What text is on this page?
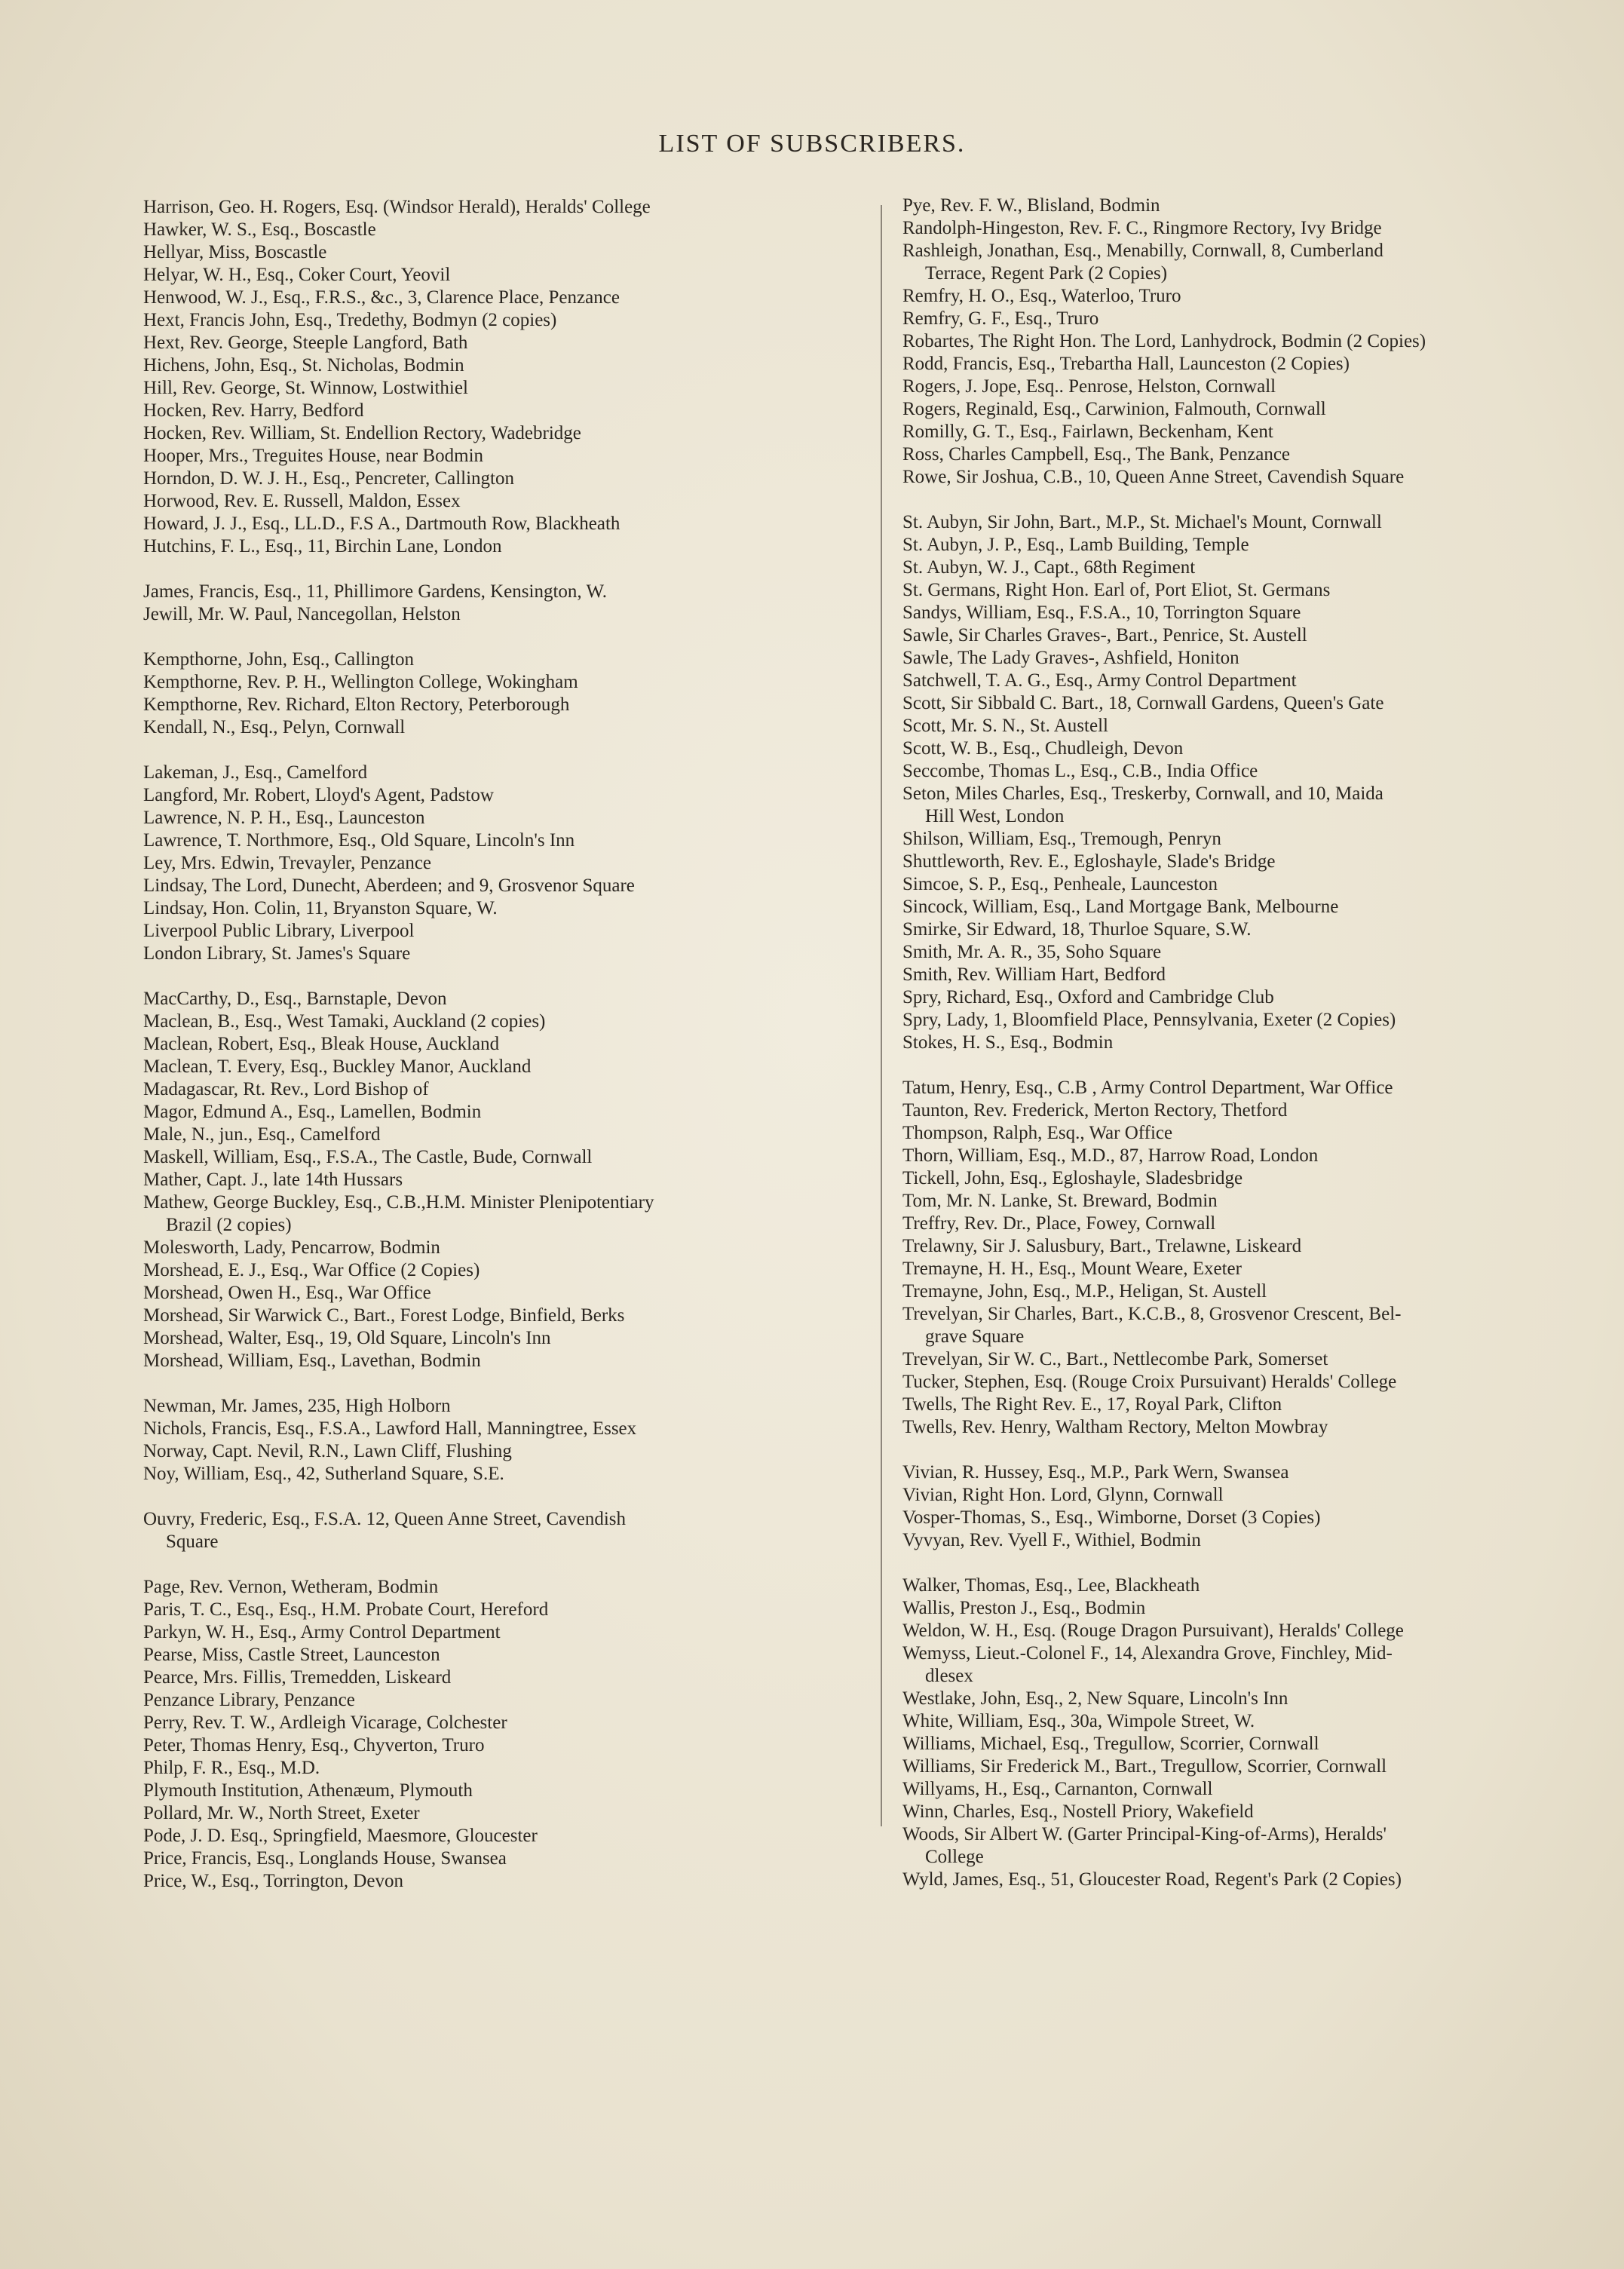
LIST OF SUBSCRIBERS.
Harrison, Geo. H. Rogers, Esq. (Windsor Herald), Heralds' College
Hawker, W. S., Esq., Boscastle
Hellyar, Miss, Boscastle
Helyar, W. H., Esq., Coker Court, Yeovil
Henwood, W. J., Esq., F.R.S., &c., 3, Clarence Place, Penzance
Hext, Francis John, Esq., Tredethy, Bodmyn (2 copies)
Hext, Rev. George, Steeple Langford, Bath
Hichens, John, Esq., St. Nicholas, Bodmin
Hill, Rev. George, St. Winnow, Lostwithiel
Hocken, Rev. Harry, Bedford
Hocken, Rev. William, St. Endellion Rectory, Wadebridge
Hooper, Mrs., Treguites House, near Bodmin
Horndon, D. W. J. H., Esq., Pencreter, Callington
Horwood, Rev. E. Russell, Maldon, Essex
Howard, J. J., Esq., LL.D., F.S A., Dartmouth Row, Blackheath
Hutchins, F. L., Esq., 11, Birchin Lane, London
James, Francis, Esq., 11, Phillimore Gardens, Kensington, W.
Jewill, Mr. W. Paul, Nancegollan, Helston
Kempthorne, John, Esq., Callington
Kempthorne, Rev. P. H., Wellington College, Wokingham
Kempthorne, Rev. Richard, Elton Rectory, Peterborough
Kendall, N., Esq., Pelyn, Cornwall
Lakeman, J., Esq., Camelford
Langford, Mr. Robert, Lloyd's Agent, Padstow
Lawrence, N. P. H., Esq., Launceston
Lawrence, T. Northmore, Esq., Old Square, Lincoln's Inn
Ley, Mrs. Edwin, Trevayler, Penzance
Lindsay, The Lord, Dunecht, Aberdeen; and 9, Grosvenor Square
Lindsay, Hon. Colin, 11, Bryanston Square, W.
Liverpool Public Library, Liverpool
London Library, St. James's Square
MacCarthy, D., Esq., Barnstaple, Devon
Maclean, B., Esq., West Tamaki, Auckland (2 copies)
Maclean, Robert, Esq., Bleak House, Auckland
Maclean, T. Every, Esq., Buckley Manor, Auckland
Madagascar, Rt. Rev., Lord Bishop of
Magor, Edmund A., Esq., Lamellen, Bodmin
Male, N., jun., Esq., Camelford
Maskell, William, Esq., F.S.A., The Castle, Bude, Cornwall
Mather, Capt. J., late 14th Hussars
Mathew, George Buckley, Esq., C.B.,H.M. Minister Plenipotentiary
Brazil (2 copies)
Molesworth, Lady, Pencarrow, Bodmin
Morshead, E. J., Esq., War Office (2 Copies)
Morshead, Owen H., Esq., War Office
Morshead, Sir Warwick C., Bart., Forest Lodge, Binfield, Berks
Morshead, Walter, Esq., 19, Old Square, Lincoln's Inn
Morshead, William, Esq., Lavethan, Bodmin
Newman, Mr. James, 235, High Holborn
Nichols, Francis, Esq., F.S.A., Lawford Hall, Manningtree, Essex
Norway, Capt. Nevil, R.N., Lawn Cliff, Flushing
Noy, William, Esq., 42, Sutherland Square, S.E.
Ouvry, Frederic, Esq., F.S.A. 12, Queen Anne Street, Cavendish
Square
Page, Rev. Vernon, Wetheram, Bodmin
Paris, T. C., Esq., Esq., H.M. Probate Court, Hereford
Parkyn, W. H., Esq., Army Control Department
Pearse, Miss, Castle Street, Launceston
Pearce, Mrs. Fillis, Tremedden, Liskeard
Penzance Library, Penzance
Perry, Rev. T. W., Ardleigh Vicarage, Colchester
Peter, Thomas Henry, Esq., Chyverton, Truro
Philp, F. R., Esq., M.D.
Plymouth Institution, Athenæum, Plymouth
Pollard, Mr. W., North Street, Exeter
Pode, J. D. Esq., Springfield, Maesmore, Gloucester
Price, Francis, Esq., Longlands House, Swansea
Price, W., Esq., Torrington, Devon
Pye, Rev. F. W., Blisland, Bodmin
Randolph-Hingeston, Rev. F. C., Ringmore Rectory, Ivy Bridge
Rashleigh, Jonathan, Esq., Menabilly, Cornwall, 8, Cumberland
Terrace, Regent Park (2 Copies)
Remfry, H. O., Esq., Waterloo, Truro
Remfry, G. F., Esq., Truro
Robartes, The Right Hon. The Lord, Lanhydrock, Bodmin (2 Copies)
Rodd, Francis, Esq., Trebartha Hall, Launceston (2 Copies)
Rogers, J. Jope, Esq.. Penrose, Helston, Cornwall
Rogers, Reginald, Esq., Carwinion, Falmouth, Cornwall
Romilly, G. T., Esq., Fairlawn, Beckenham, Kent
Ross, Charles Campbell, Esq., The Bank, Penzance
Rowe, Sir Joshua, C.B., 10, Queen Anne Street, Cavendish Square
St. Aubyn, Sir John, Bart., M.P., St. Michael's Mount, Cornwall
St. Aubyn, J. P., Esq., Lamb Building, Temple
St. Aubyn, W. J., Capt., 68th Regiment
St. Germans, Right Hon. Earl of, Port Eliot, St. Germans
Sandys, William, Esq., F.S.A., 10, Torrington Square
Sawle, Sir Charles Graves-, Bart., Penrice, St. Austell
Sawle, The Lady Graves-, Ashfield, Honiton
Satchwell, T. A. G., Esq., Army Control Department
Scott, Sir Sibbald C. Bart., 18, Cornwall Gardens, Queen's Gate
Scott, Mr. S. N., St. Austell
Scott, W. B., Esq., Chudleigh, Devon
Seccombe, Thomas L., Esq., C.B., India Office
Seton, Miles Charles, Esq., Treskerby, Cornwall, and 10, Maida
Hill West, London
Shilson, William, Esq., Tremough, Penryn
Shuttleworth, Rev. E., Egloshayle, Slade's Bridge
Simcoe, S. P., Esq., Penheale, Launceston
Sincock, William, Esq., Land Mortgage Bank, Melbourne
Smirke, Sir Edward, 18, Thurloe Square, S.W.
Smith, Mr. A. R., 35, Soho Square
Smith, Rev. William Hart, Bedford
Spry, Richard, Esq., Oxford and Cambridge Club
Spry, Lady, 1, Bloomfield Place, Pennsylvania, Exeter (2 Copies)
Stokes, H. S., Esq., Bodmin
Tatum, Henry, Esq., C.B , Army Control Department, War Office
Taunton, Rev. Frederick, Merton Rectory, Thetford
Thompson, Ralph, Esq., War Office
Thorn, William, Esq., M.D., 87, Harrow Road, London
Tickell, John, Esq., Egloshayle, Sladesbridge
Tom, Mr. N. Lanke, St. Breward, Bodmin
Treffry, Rev. Dr., Place, Fowey, Cornwall
Trelawny, Sir J. Salusbury, Bart., Trelawne, Liskeard
Tremayne, H. H., Esq., Mount Weare, Exeter
Tremayne, John, Esq., M.P., Heligan, St. Austell
Trevelyan, Sir Charles, Bart., K.C.B., 8, Grosvenor Crescent, Bel-
grave Square
Trevelyan, Sir W. C., Bart., Nettlecombe Park, Somerset
Tucker, Stephen, Esq. (Rouge Croix Pursuivant) Heralds' College
Twells, The Right Rev. E., 17, Royal Park, Clifton
Twells, Rev. Henry, Waltham Rectory, Melton Mowbray
Vivian, R. Hussey, Esq., M.P., Park Wern, Swansea
Vivian, Right Hon. Lord, Glynn, Cornwall
Vosper-Thomas, S., Esq., Wimborne, Dorset (3 Copies)
Vyvyan, Rev. Vyell F., Withiel, Bodmin
Walker, Thomas, Esq., Lee, Blackheath
Wallis, Preston J., Esq., Bodmin
Weldon, W. H., Esq. (Rouge Dragon Pursuivant), Heralds' College
Wemyss, Lieut.-Colonel F., 14, Alexandra Grove, Finchley, Mid-
dlesex
Westlake, John, Esq., 2, New Square, Lincoln's Inn
White, William, Esq., 30a, Wimpole Street, W.
Williams, Michael, Esq., Tregullow, Scorrier, Cornwall
Williams, Sir Frederick M., Bart., Tregullow, Scorrier, Cornwall
Willyams, H., Esq., Carnanton, Cornwall
Winn, Charles, Esq., Nostell Priory, Wakefield
Woods, Sir Albert W. (Garter Principal-King-of-Arms), Heralds'
College
Wyld, James, Esq., 51, Gloucester Road, Regent's Park (2 Copies)
